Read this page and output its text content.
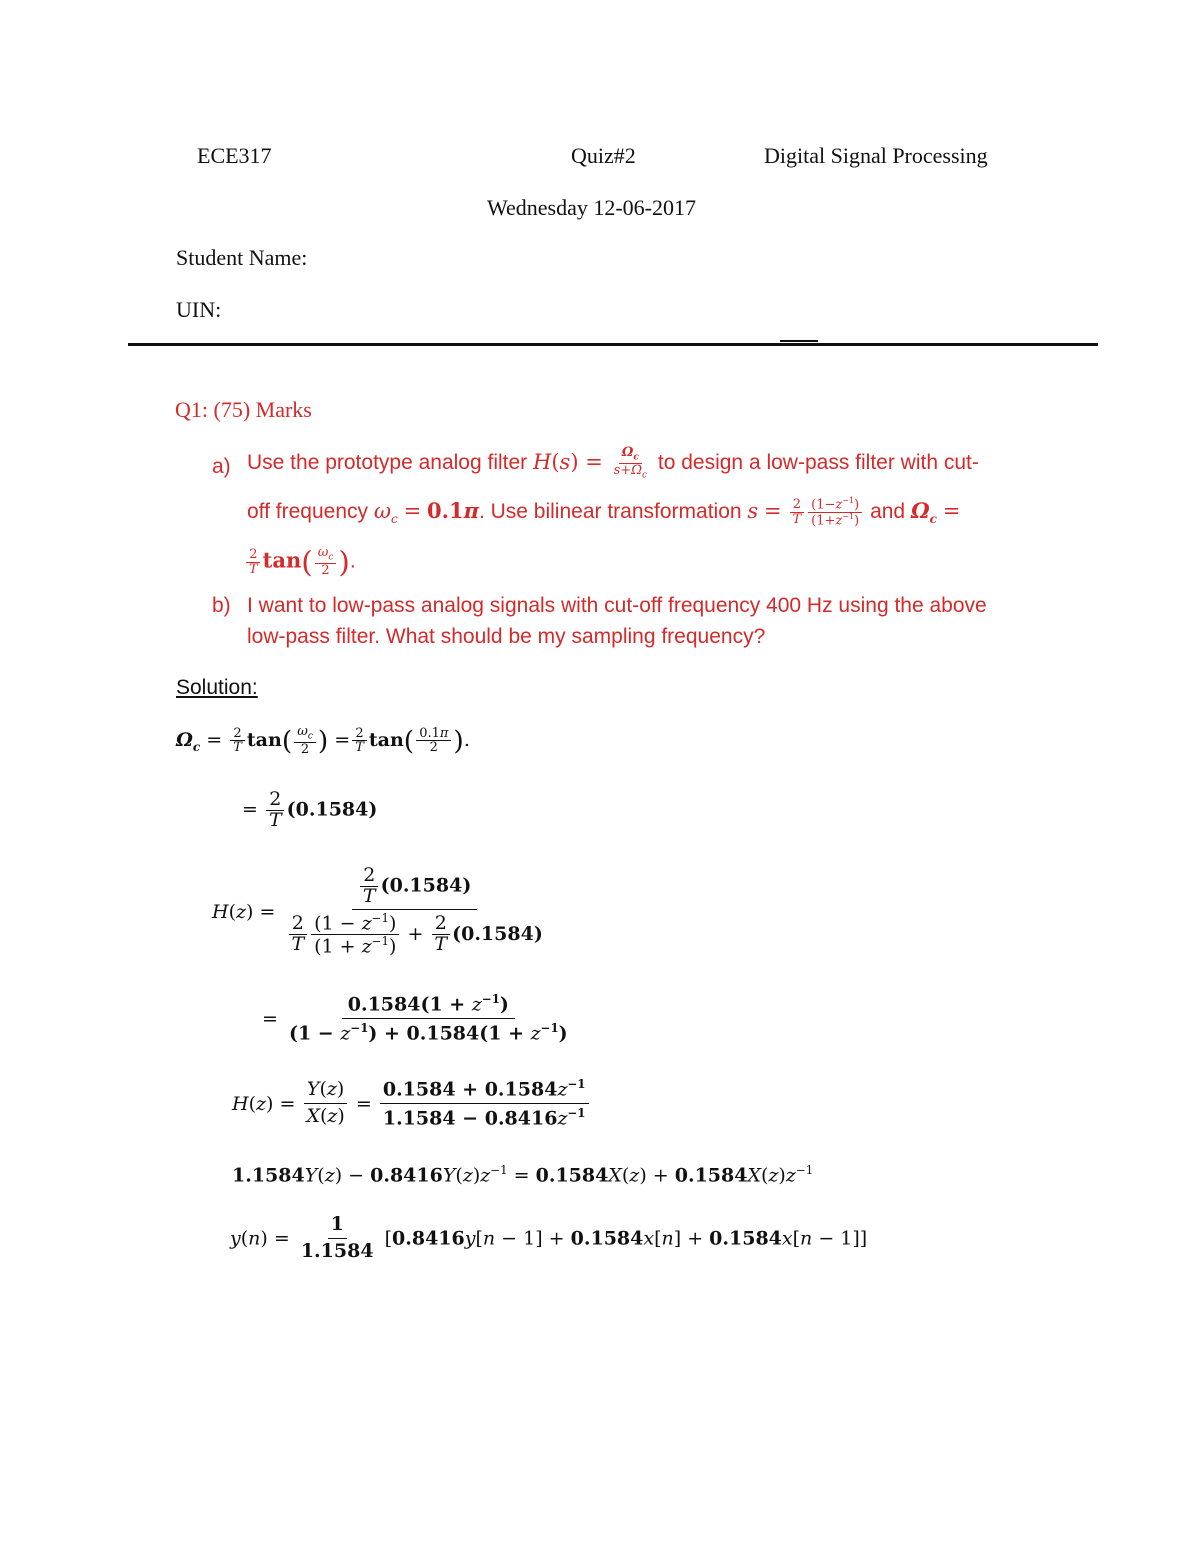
ECE317	Quiz#2	Digital Signal Processing
Wednesday 12-06-2017
Student Name:
UIN:
Q1: (75) Marks
a) Use the prototype analog filter $H(s) = \frac{\Omega_c}{s+\Omega_c}$ to design a low-pass filter with cut-
off frequency $\omega_c = 0.1\pi$. Use bilinear transformation $s = \frac{2}{T} \frac{(1-z^{-1})}{(1+z^{-1})}$ and $\Omega_c$ =
$\frac{2}{T} \tan( \frac{\omega_c}{2}$ ).
b) I want to low-pass analog signals with cut-off frequency 400 Hz using the above
low-pass filter. What should be my sampling frequency?
Solution:
$\Omega_c = \frac{2}{T} \tan( \frac{\omega_c}{2}$ ) = $\frac{2}{T} \tan( \frac{0.1\pi}{2}$ ).
= $\frac{2}{T} (0.1584)$
$H(z) = \frac{\frac{2}{T} (0.1584)}{\frac{2}{T} \frac{(1 - z^{-1})}{(1 + z^{-1})} + \frac{2}{T} (0.1584)}$
= $\frac{0.1584(1 + z^{-1})}{(1 - z^{-1}) + 0.1584(1 + z^{-1})}$
$H(z) = \frac{Y(z)}{X(z)} = \frac{0.1584 + 0.1584z^{-1}}{1.1584 - 0.8416z^{-1}}$
$1.1584Y(z) - 0.8416Y(z)z^{-1} = 0.1584X(z) + 0.1584X(z)z^{-1}$
$y(n) = \frac{1}{1.1584} [0.8416y[n - 1] + 0.1584x[n] + 0.1584x[n - 1]]$
